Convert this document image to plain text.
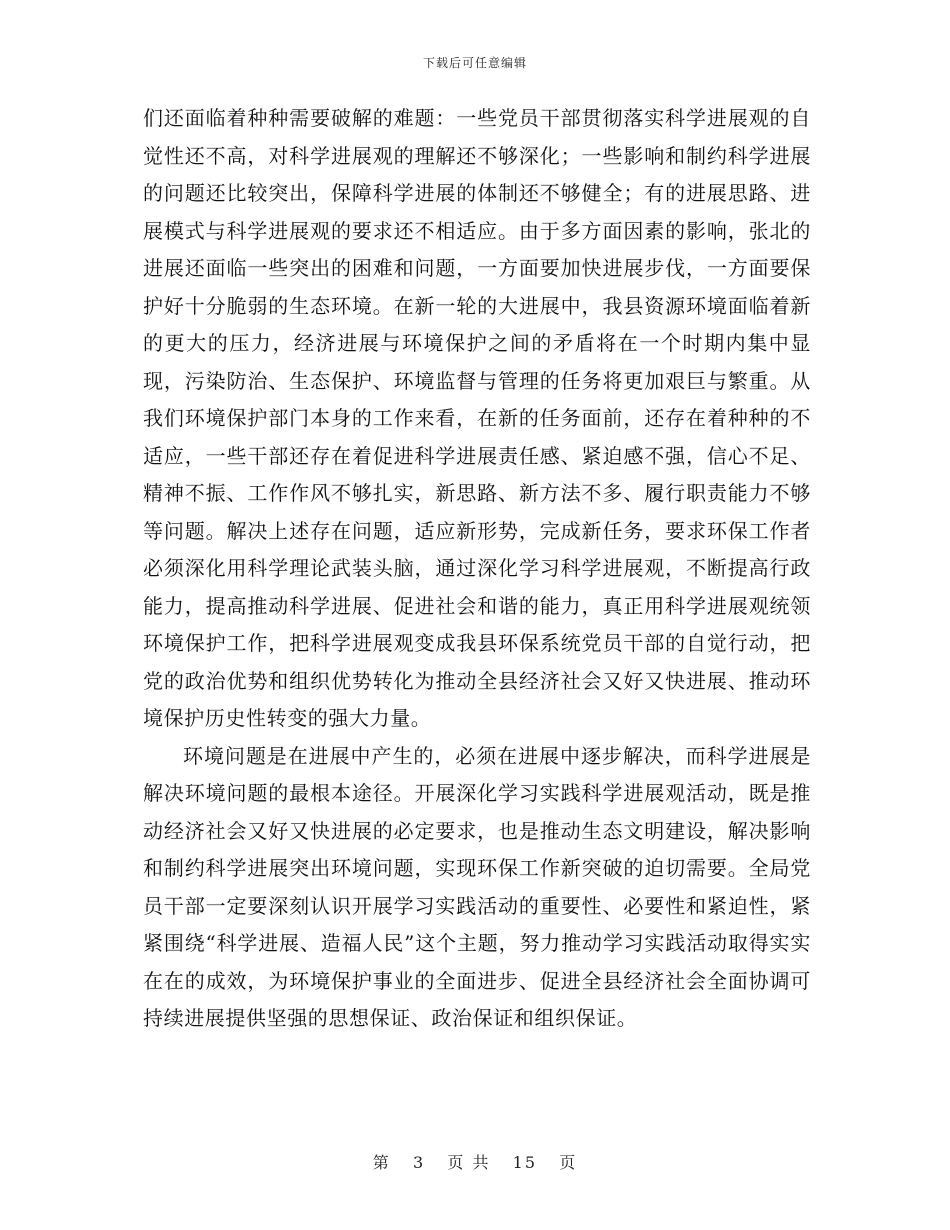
下载后可任意编辑

们还面临着种种需要破解的难题：一些党员干部贯彻落实科学进展观的自觉性还不高，对科学进展观的理解还不够深化；一些影响和制约科学进展的问题还比较突出，保障科学进展的体制还不够健全；有的进展思路、进展模式与科学进展观的要求还不相适应。由于多方面因素的影响，张北的进展还面临一些突出的困难和问题，一方面要加快进展步伐，一方面要保护好十分脆弱的生态环境。在新一轮的大进展中，我县资源环境面临着新的更大的压力，经济进展与环境保护之间的矛盾将在一个时期内集中显现，污染防治、生态保护、环境监督与管理的任务将更加艰巨与繁重。从我们环境保护部门本身的工作来看，在新的任务面前，还存在着种种的不适应，一些干部还存在着促进科学进展责任感、紧迫感不强，信心不足、精神不振、工作作风不够扎实，新思路、新方法不多、履行职责能力不够等问题。解决上述存在问题，适应新形势，完成新任务，要求环保工作者必须深化用科学理论武装头脑，通过深化学习科学进展观，不断提高行政能力，提高推动科学进展、促进社会和谐的能力，真正用科学进展观统领环境保护工作，把科学进展观变成我县环保系统党员干部的自觉行动，把党的政治优势和组织优势转化为推动全县经济社会又好又快进展、推动环境保护历史性转变的强大力量。

环境问题是在进展中产生的，必须在进展中逐步解决，而科学进展是解决环境问题的最根本途径。开展深化学习实践科学进展观活动，既是推动经济社会又好又快进展的必定要求，也是推动生态文明建设，解决影响和制约科学进展突出环境问题，实现环保工作新突破的迫切需要。全局党员干部一定要深刻认识开展学习实践活动的重要性、必要性和紧迫性，紧紧围绕“科学进展、造福人民”这个主题，努力推动学习实践活动取得实实在在的成效，为环境保护事业的全面进步、促进全县经济社会全面协调可持续进展提供坚强的思想保证、政治保证和组织保证。

第 3 页 共 15 页
